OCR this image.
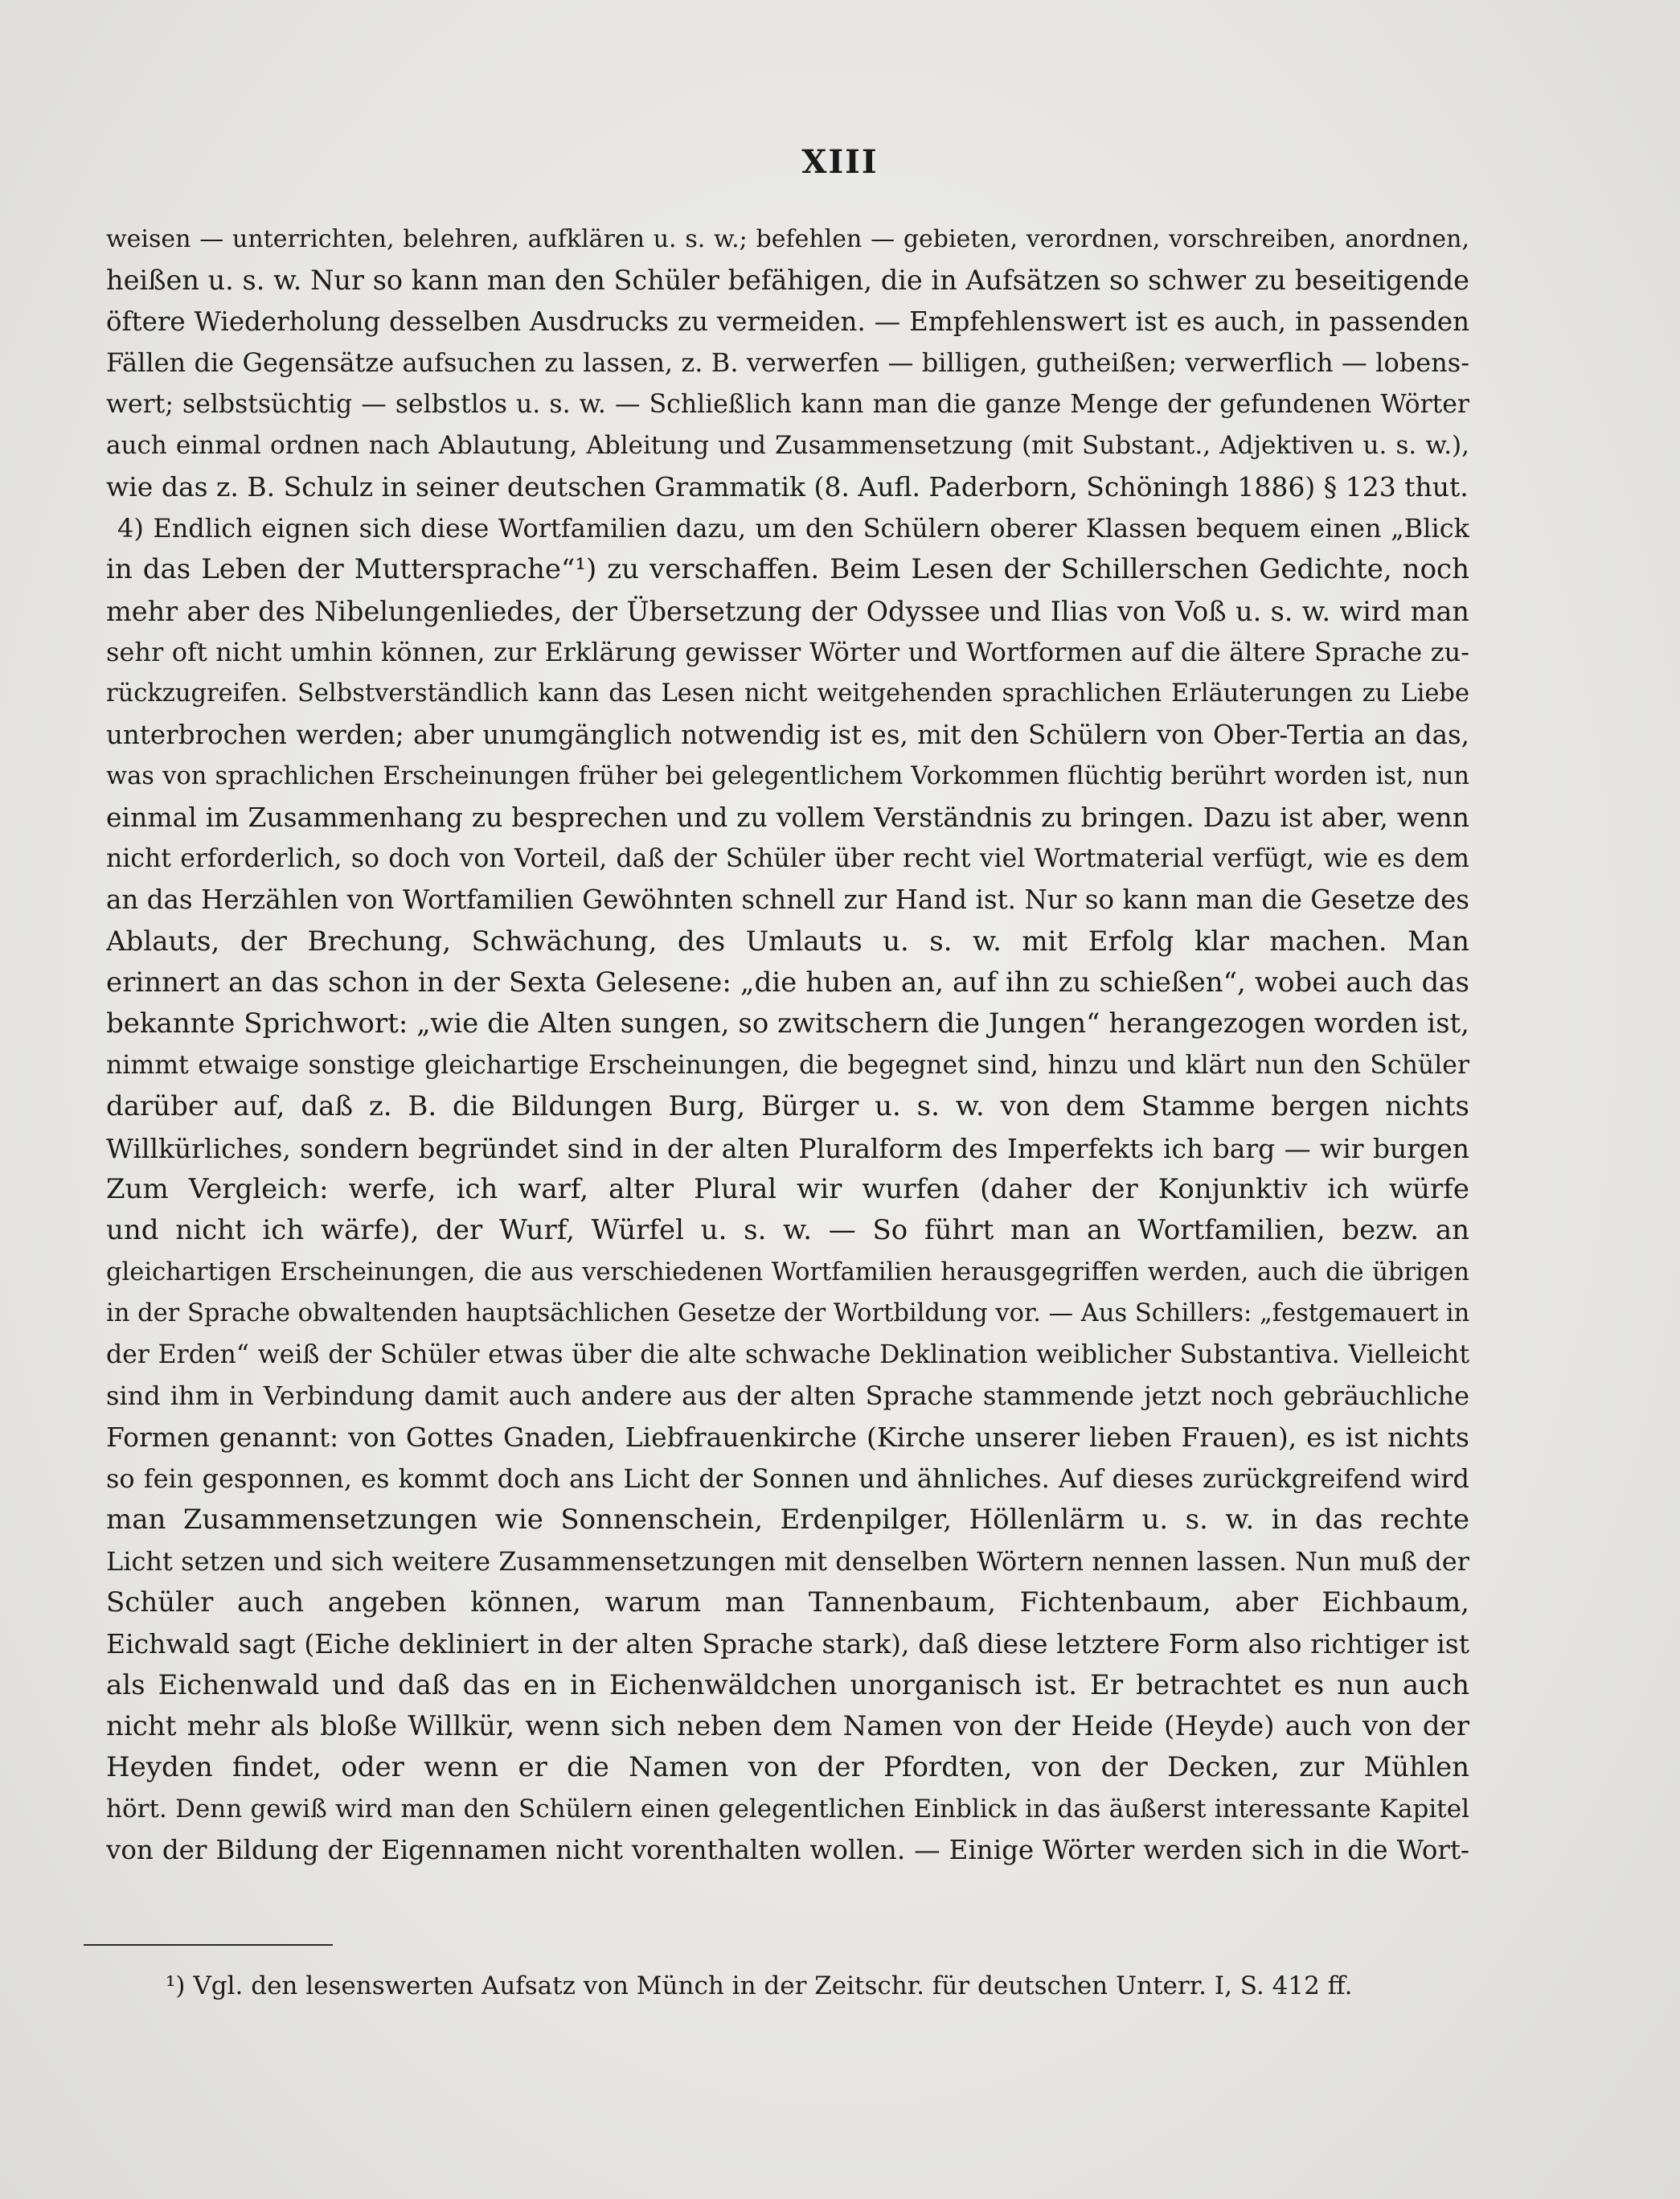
XIII
weisen — unterrichten, belehren, aufklären u. s. w.; befehlen — gebieten, verordnen, vorschreiben, anordnen,
heißen u. s. w. Nur so kann man den Schüler befähigen, die in Aufsätzen so schwer zu beseitigende
öftere Wiederholung desselben Ausdrucks zu vermeiden. — Empfehlenswert ist es auch, in passenden
Fällen die Gegensätze aufsuchen zu lassen, z. B. verwerfen — billigen, gutheißen; verwerflich — lobens-
wert; selbstsüchtig — selbstlos u. s. w. — Schließlich kann man die ganze Menge der gefundenen Wörter
auch einmal ordnen nach Ablautung, Ableitung und Zusammensetzung (mit Substant., Adjektiven u. s. w.),
wie das z. B. Schulz in seiner deutschen Grammatik (8. Aufl. Paderborn, Schöningh 1886) § 123 thut.
4) Endlich eignen sich diese Wortfamilien dazu, um den Schülern oberer Klassen bequem einen „Blick
in das Leben der Muttersprache“¹) zu verschaffen. Beim Lesen der Schillerschen Gedichte, noch
mehr aber des Nibelungenliedes, der Übersetzung der Odyssee und Ilias von Voß u. s. w. wird man
sehr oft nicht umhin können, zur Erklärung gewisser Wörter und Wortformen auf die ältere Sprache zu-
rückzugreifen. Selbstverständlich kann das Lesen nicht weitgehenden sprachlichen Erläuterungen zu Liebe
unterbrochen werden; aber unumgänglich notwendig ist es, mit den Schülern von Ober-Tertia an das,
was von sprachlichen Erscheinungen früher bei gelegentlichem Vorkommen flüchtig berührt worden ist, nun
einmal im Zusammenhang zu besprechen und zu vollem Verständnis zu bringen. Dazu ist aber, wenn
nicht erforderlich, so doch von Vorteil, daß der Schüler über recht viel Wortmaterial verfügt, wie es dem
an das Herzählen von Wortfamilien Gewöhnten schnell zur Hand ist. Nur so kann man die Gesetze des
Ablauts, der Brechung, Schwächung, des Umlauts u. s. w. mit Erfolg klar machen. Man
erinnert an das schon in der Sexta Gelesene: „die huben an, auf ihn zu schießen“, wobei auch das
bekannte Sprichwort: „wie die Alten sungen, so zwitschern die Jungen“ herangezogen worden ist,
nimmt etwaige sonstige gleichartige Erscheinungen, die begegnet sind, hinzu und klärt nun den Schüler
darüber auf, daß z. B. die Bildungen Burg, Bürger u. s. w. von dem Stamme bergen nichts
Willkürliches, sondern begründet sind in der alten Pluralform des Imperfekts ich barg — wir burgen
Zum Vergleich: werfe, ich warf, alter Plural wir wurfen (daher der Konjunktiv ich würfe
und nicht ich wärfe), der Wurf, Würfel u. s. w. — So führt man an Wortfamilien, bezw. an
gleichartigen Erscheinungen, die aus verschiedenen Wortfamilien herausgegriffen werden, auch die übrigen
in der Sprache obwaltenden hauptsächlichen Gesetze der Wortbildung vor. — Aus Schillers: „festgemauert in
der Erden“ weiß der Schüler etwas über die alte schwache Deklination weiblicher Substantiva. Vielleicht
sind ihm in Verbindung damit auch andere aus der alten Sprache stammende jetzt noch gebräuchliche
Formen genannt: von Gottes Gnaden, Liebfrauenkirche (Kirche unserer lieben Frauen), es ist nichts
so fein gesponnen, es kommt doch ans Licht der Sonnen und ähnliches. Auf dieses zurückgreifend wird
man Zusammensetzungen wie Sonnenschein, Erdenpilger, Höllenlärm u. s. w. in das rechte
Licht setzen und sich weitere Zusammensetzungen mit denselben Wörtern nennen lassen. Nun muß der
Schüler auch angeben können, warum man Tannenbaum, Fichtenbaum, aber Eichbaum,
Eichwald sagt (Eiche dekliniert in der alten Sprache stark), daß diese letztere Form also richtiger ist
als Eichenwald und daß das en in Eichenwäldchen unorganisch ist. Er betrachtet es nun auch
nicht mehr als bloße Willkür, wenn sich neben dem Namen von der Heide (Heyde) auch von der
Heyden findet, oder wenn er die Namen von der Pfordten, von der Decken, zur Mühlen
hört. Denn gewiß wird man den Schülern einen gelegentlichen Einblick in das äußerst interessante Kapitel
von der Bildung der Eigennamen nicht vorenthalten wollen. — Einige Wörter werden sich in die Wort-
¹) Vgl. den lesenswerten Aufsatz von Münch in der Zeitschr. für deutschen Unterr. I, S. 412 ff.
